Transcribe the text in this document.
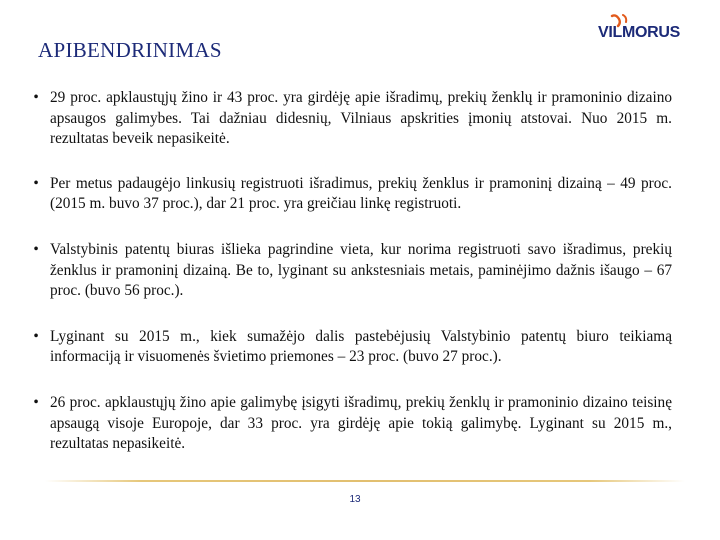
APIBENDRINIMAS
VILMORUS
• 29 proc. apklaustųjų žino ir 43 proc. yra girdėję apie išradimų, prekių ženklų ir pramoninio dizaino apsaugos galimybes. Tai dažniau didesnių, Vilniaus apskrities įmonių atstovai. Nuo 2015 m. rezultatas beveik nepasikeitė.
• Per metus padaugėjo linkusių registruoti išradimus, prekių ženklus ir pramoninį dizainą – 49 proc. (2015 m. buvo 37 proc.), dar 21 proc. yra greičiau linkę registruoti.
• Valstybinis patentų biuras išlieka pagrindine vieta, kur norima registruoti savo išradimus, prekių ženklus ir pramoninį dizainą. Be to, lyginant su ankstesniais metais, paminėjimo dažnis išaugo – 67 proc. (buvo 56 proc.).
• Lyginant su 2015 m., kiek sumažėjo dalis pastebėjusių Valstybinio patentų biuro teikiamą informaciją ir visuomenės švietimo priemones – 23 proc. (buvo 27 proc.).
• 26 proc. apklaustųjų žino apie galimybę įsigyti išradimų, prekių ženklų ir pramoninio dizaino teisinę apsaugą visoje Europoje, dar 33 proc. yra girdėję apie tokią galimybę. Lyginant su 2015 m., rezultatas nepasikeitė.
13
